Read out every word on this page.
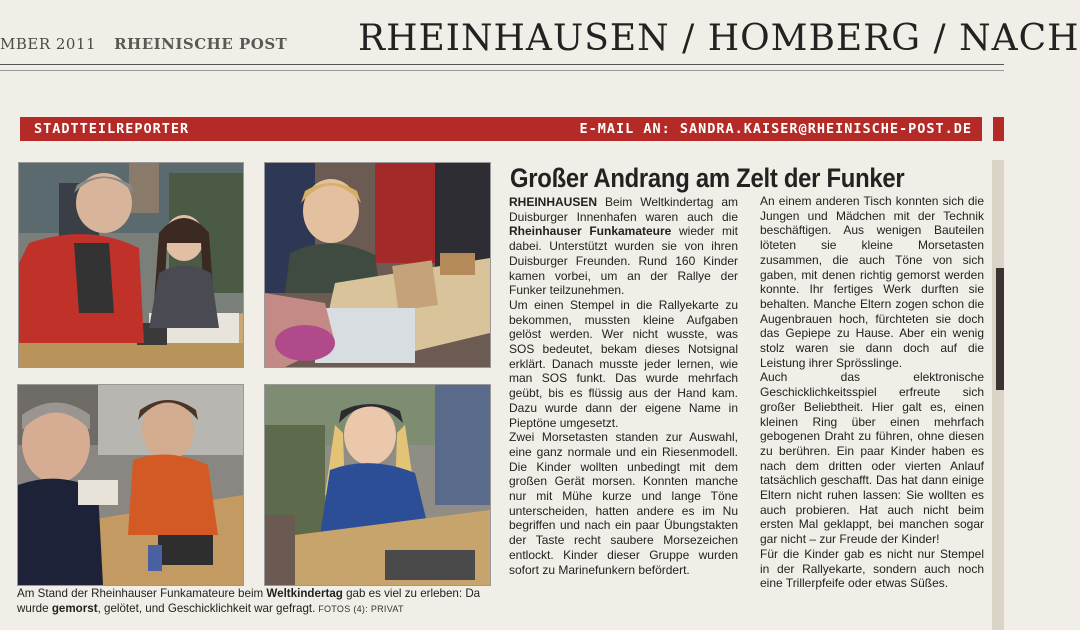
MBER 2011 RHEINISCHE POST RHEINHAUSEN / HOMBERG / NACH
STADTTEILREPORTER	E-MAIL AN: SANDRA.KAISER@RHEINISCHE-POST.DE
Am Stand der Rheinhauser Funkamateure beim Weltkindertag gab es viel zu erleben: Da wurde gemorst, gelötet, und Geschicklichkeit war gefragt. FOTOS (4): PRIVAT
Großer Andrang am Zelt der Funker

RHEINHAUSEN Beim Weltkindertag am Duisburger Innenhafen waren auch die Rheinhauser Funkamateure wieder mit dabei. Unterstützt wurden sie von ihren Duisburger Freunden. Rund 160 Kinder kamen vorbei, um an der Rallye der Funker teilzunehmen.

Um einen Stempel in die Rallyekarte zu bekommen, mussten kleine Aufgaben gelöst werden. Wer nicht wusste, was SOS bedeutet, bekam dieses Notsignal erklärt. Danach musste jeder lernen, wie man SOS funkt. Das wurde mehrfach geübt, bis es flüssig aus der Hand kam. Dazu wurde dann der eigene Name in Pieptöne umgesetzt.

Zwei Morsetasten standen zur Auswahl, eine ganz normale und ein Riesenmodell. Die Kinder wollten unbedingt mit dem großen Gerät morsen. Konnten manche nur mit Mühe kurze und lange Töne unterscheiden, hatten andere es im Nu begriffen und nach ein paar Übungstakten der Taste recht saubere Morsezeichen entlockt. Kinder dieser Gruppe wurden sofort zu Marinefunkern befördert.

An einem anderen Tisch konnten sich die Jungen und Mädchen mit der Technik beschäftigen. Aus wenigen Bauteilen löteten sie kleine Morsetasten zusammen, die auch Töne von sich gaben, mit denen richtig gemorst werden konnte. Ihr fertiges Werk durften sie behalten. Manche Eltern zogen schon die Augenbrauen hoch, fürchteten sie doch das Gepiepe zu Hause. Aber ein wenig stolz waren sie dann doch auf die Leistung ihrer Sprösslinge.

Auch das elektronische Geschicklichkeitsspiel erfreute sich großer Beliebtheit. Hier galt es, einen kleinen Ring über einen mehrfach gebogenen Draht zu führen, ohne diesen zu berühren. Ein paar Kinder haben es nach dem dritten oder vierten Anlauf tatsächlich geschafft. Das hat dann einige Eltern nicht ruhen lassen: Sie wollten es auch probieren. Hat auch nicht beim ersten Mal geklappt, bei manchen sogar gar nicht – zur Freude der Kinder!

Für die Kinder gab es nicht nur Stempel in der Rallyekarte, sondern auch noch eine Trillerpfeife oder etwas Süßes.
